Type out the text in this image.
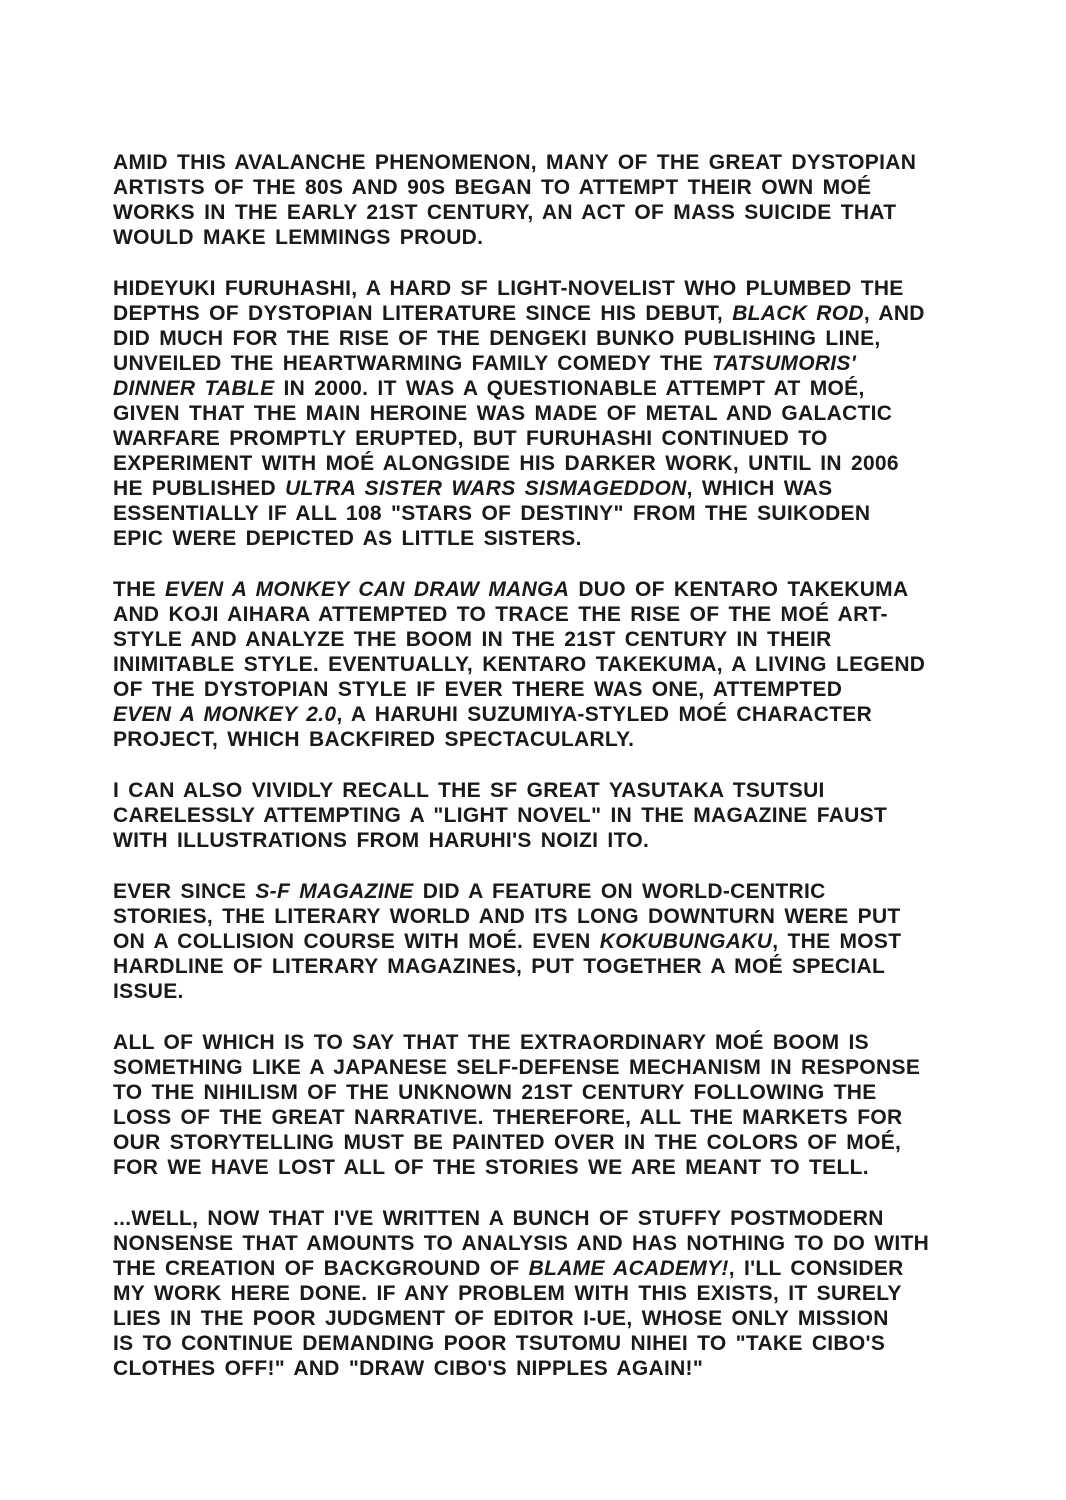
AMID THIS AVALANCHE PHENOMENON, MANY OF THE GREAT DYSTOPIAN
ARTISTS OF THE 80S AND 90S BEGAN TO ATTEMPT THEIR OWN MOÉ
WORKS IN THE EARLY 21ST CENTURY, AN ACT OF MASS SUICIDE THAT
WOULD MAKE LEMMINGS PROUD.
HIDEYUKI FURUHASHI, A HARD SF LIGHT-NOVELIST WHO PLUMBED THE
DEPTHS OF DYSTOPIAN LITERATURE SINCE HIS DEBUT, BLACK ROD, AND
DID MUCH FOR THE RISE OF THE DENGEKI BUNKO PUBLISHING LINE,
UNVEILED THE HEARTWARMING FAMILY COMEDY THE TATSUMORIS'
DINNER TABLE IN 2000. IT WAS A QUESTIONABLE ATTEMPT AT MOÉ,
GIVEN THAT THE MAIN HEROINE WAS MADE OF METAL AND GALACTIC
WARFARE PROMPTLY ERUPTED, BUT FURUHASHI CONTINUED TO
EXPERIMENT WITH MOÉ ALONGSIDE HIS DARKER WORK, UNTIL IN 2006
HE PUBLISHED ULTRA SISTER WARS SISMAGEDDON, WHICH WAS
ESSENTIALLY IF ALL 108 "STARS OF DESTINY" FROM THE SUIKODEN
EPIC WERE DEPICTED AS LITTLE SISTERS.
THE EVEN A MONKEY CAN DRAW MANGA DUO OF KENTARO TAKEKUMA
AND KOJI AIHARA ATTEMPTED TO TRACE THE RISE OF THE MOÉ ART-
STYLE AND ANALYZE THE BOOM IN THE 21ST CENTURY IN THEIR
INIMITABLE STYLE. EVENTUALLY, KENTARO TAKEKUMA, A LIVING LEGEND
OF THE DYSTOPIAN STYLE IF EVER THERE WAS ONE, ATTEMPTED
EVEN A MONKEY 2.0, A HARUHI SUZUMIYA-STYLED MOÉ CHARACTER
PROJECT, WHICH BACKFIRED SPECTACULARLY.
I CAN ALSO VIVIDLY RECALL THE SF GREAT YASUTAKA TSUTSUI
CARELESSLY ATTEMPTING A "LIGHT NOVEL" IN THE MAGAZINE FAUST
WITH ILLUSTRATIONS FROM HARUHI'S NOIZI ITO.
EVER SINCE S-F MAGAZINE DID A FEATURE ON WORLD-CENTRIC
STORIES, THE LITERARY WORLD AND ITS LONG DOWNTURN WERE PUT
ON A COLLISION COURSE WITH MOÉ. EVEN KOKUBUNGAKU, THE MOST
HARDLINE OF LITERARY MAGAZINES, PUT TOGETHER A MOÉ SPECIAL
ISSUE.
ALL OF WHICH IS TO SAY THAT THE EXTRAORDINARY MOÉ BOOM IS
SOMETHING LIKE A JAPANESE SELF-DEFENSE MECHANISM IN RESPONSE
TO THE NIHILISM OF THE UNKNOWN 21ST CENTURY FOLLOWING THE
LOSS OF THE GREAT NARRATIVE. THEREFORE, ALL THE MARKETS FOR
OUR STORYTELLING MUST BE PAINTED OVER IN THE COLORS OF MOÉ,
FOR WE HAVE LOST ALL OF THE STORIES WE ARE MEANT TO TELL.
...WELL, NOW THAT I'VE WRITTEN A BUNCH OF STUFFY POSTMODERN
NONSENSE THAT AMOUNTS TO ANALYSIS AND HAS NOTHING TO DO WITH
THE CREATION OF BACKGROUND OF BLAME ACADEMY!, I'LL CONSIDER
MY WORK HERE DONE. IF ANY PROBLEM WITH THIS EXISTS, IT SURELY
LIES IN THE POOR JUDGMENT OF EDITOR I-UE, WHOSE ONLY MISSION
IS TO CONTINUE DEMANDING POOR TSUTOMU NIHEI TO "TAKE CIBO'S
CLOTHES OFF!" AND "DRAW CIBO'S NIPPLES AGAIN!"
